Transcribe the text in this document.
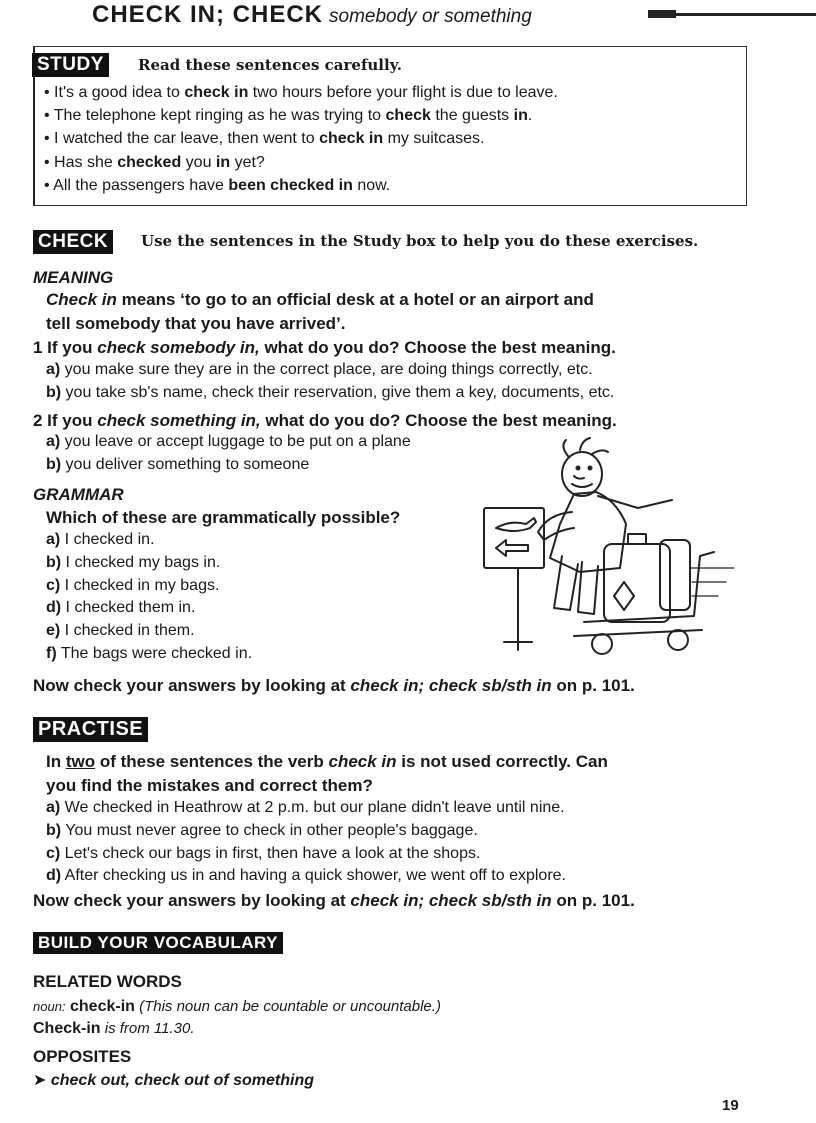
CHECK IN; CHECK somebody or something
STUDY	Read these sentences carefully.
• It's a good idea to check in two hours before your flight is due to leave.
• The telephone kept ringing as he was trying to check the guests in.
• I watched the car leave, then went to check in my suitcases.
• Has she checked you in yet?
• All the passengers have been checked in now.
CHECK	Use the sentences in the Study box to help you do these exercises.
MEANING
Check in means ‘to go to an official desk at a hotel or an airport and
tell somebody that you have arrived’.
1 If you check somebody in, what do you do? Choose the best meaning.
a) you make sure they are in the correct place, are doing things correctly, etc.
b) you take sb's name, check their reservation, give them a key, documents, etc.
2 If you check something in, what do you do? Choose the best meaning.
a) you leave or accept luggage to be put on a plane
b) you deliver something to someone
GRAMMAR
Which of these are grammatically possible?
a) I checked in.
b) I checked my bags in.
c) I checked in my bags.
d) I checked them in.
e) I checked in them.
f) The bags were checked in.
Now check your answers by looking at check in; check sb/sth in on p. 101.
PRACTISE
In two of these sentences the verb check in is not used correctly. Can
you find the mistakes and correct them?
a) We checked in Heathrow at 2 p.m. but our plane didn't leave until nine.
b) You must never agree to check in other people's baggage.
c) Let's check our bags in first, then have a look at the shops.
d) After checking us in and having a quick shower, we went off to explore.
Now check your answers by looking at check in; check sb/sth in on p. 101.
BUILD YOUR VOCABULARY
RELATED WORDS
noun: check-in (This noun can be countable or uncountable.)
Check-in is from 11.30.
OPPOSITES
➤ check out, check out of something
19
